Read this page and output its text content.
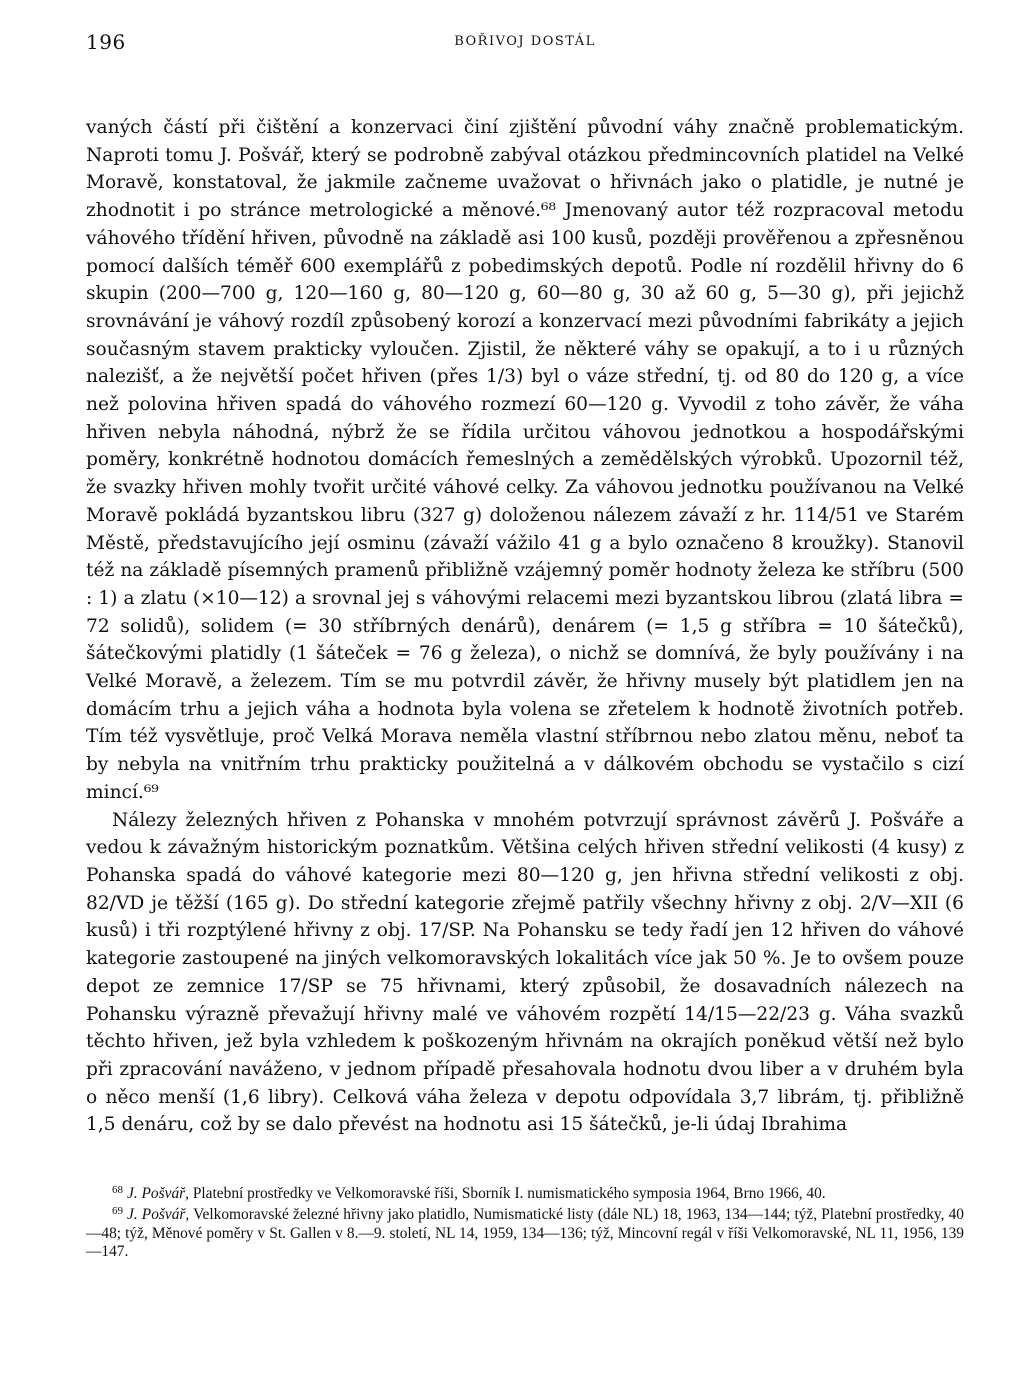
196	BOŘIVOJ DOSTÁL

vaných částí při čištění a konzervaci činí zjištění původní váhy značně problematickým. Naproti tomu J. Pošvář, který se podrobně zabýval otázkou předmincovních platidel na Velké Moravě, konstatoval, že jakmile začneme uvažovat o hřivnách jako o platidle, je nutné je zhodnotit i po stránce metrologické a měnové.⁶⁸ Jmenovaný autor též rozpracoval metodu váhového třídění hřiven, původně na základě asi 100 kusů, později prověřenou a zpřesněnou pomocí dalších téměř 600 exemplářů z pobedimských depotů. Podle ní rozdělil hřivny do 6 skupin (200—700 g, 120—160 g, 80—120 g, 60—80 g, 30 až 60 g, 5—30 g), při jejichž srovnávání je váhový rozdíl způsobený korozí a konzervací mezi původními fabrikáty a jejich současným stavem prakticky vyloučen. Zjistil, že některé váhy se opakují, a to i u různých nalezišť, a že největší počet hřiven (přes 1/3) byl o váze střední, tj. od 80 do 120 g, a více než polovina hřiven spadá do váhového rozmezí 60—120 g. Vyvodil z toho závěr, že váha hřiven nebyla náhodná, nýbrž že se řídila určitou váhovou jednotkou a hospodářskými poměry, konkrétně hodnotou domácích řemeslných a zemědělských výrobků. Upozornil též, že svazky hřiven mohly tvořit určité váhové celky. Za váhovou jednotku používanou na Velké Moravě pokládá byzantskou libru (327 g) doloženou nálezem závaží z hr. 114/51 ve Starém Městě, představujícího její osminu (závaží vážilo 41 g a bylo označeno 8 kroužky). Stanovil též na základě písemných pramenů přibližně vzájemný poměr hodnoty železa ke stříbru (500 : 1) a zlatu (×10—12) a srovnal jej s váhovými relacemi mezi byzantskou librou (zlatá libra = 72 solidů), solidem (= 30 stříbrných denárů), denárem (= 1,5 g stříbra = 10 šátečků), šátečkovými platidly (1 šáteček = 76 g železa), o nichž se domnívá, že byly používány i na Velké Moravě, a železem. Tím se mu potvrdil závěr, že hřivny musely být platidlem jen na domácím trhu a jejich váha a hodnota byla volena se zřetelem k hodnotě životních potřeb. Tím též vysvětluje, proč Velká Morava neměla vlastní stříbrnou nebo zlatou měnu, neboť ta by nebyla na vnitřním trhu prakticky použitelná a v dálkovém obchodu se vystačilo s cizí mincí.⁶⁹

Nálezy železných hřiven z Pohanska v mnohém potvrzují správnost závěrů J. Pošváře a vedou k závažným historickým poznatkům. Většina celých hřiven střední velikosti (4 kusy) z Pohanska spadá do váhové kategorie mezi 80—120 g, jen hřivna střední velikosti z obj. 82/VD je těžší (165 g). Do střední kategorie zřejmě patřily všechny hřivny z obj. 2/V—XII (6 kusů) i tři rozptýlené hřivny z obj. 17/SP. Na Pohansku se tedy řadí jen 12 hřiven do váhové kategorie zastoupené na jiných velkomoravských lokalitách více jak 50 %. Je to ovšem pouze depot ze zemnice 17/SP se 75 hřivnami, který způsobil, že dosavadních nálezech na Pohansku výrazně převažují hřivny malé ve váhovém rozpětí 14/15—22/23 g. Váha svazků těchto hřiven, jež byla vzhledem k poškozeným hřivnám na okrajích poněkud větší než bylo při zpracování naváženo, v jednom případě přesahovala hodnotu dvou liber a v druhém byla o něco menší (1,6 libry). Celková váha železa v depotu odpovídala 3,7 librám, tj. přibližně 1,5 denáru, což by se dalo převést na hodnotu asi 15 šátečků, je-li údaj Ibrahima

$^{68}$ J. Pošvář, Platební prostředky ve Velkomoravské říši, Sborník I. numismatického symposia 1964, Brno 1966, 40.

$^{69}$ J. Pošvář, Velkomoravské železné hřivny jako platidlo, Numismatické listy (dále NL) 18, 1963, 134—144; týž, Platební prostředky, 40—48; týž, Měnové poměry v St. Gallen v 8.—9. století, NL 14, 1959, 134—136; týž, Mincovní regál v říši Velkomoravské, NL 11, 1956, 139—147.
